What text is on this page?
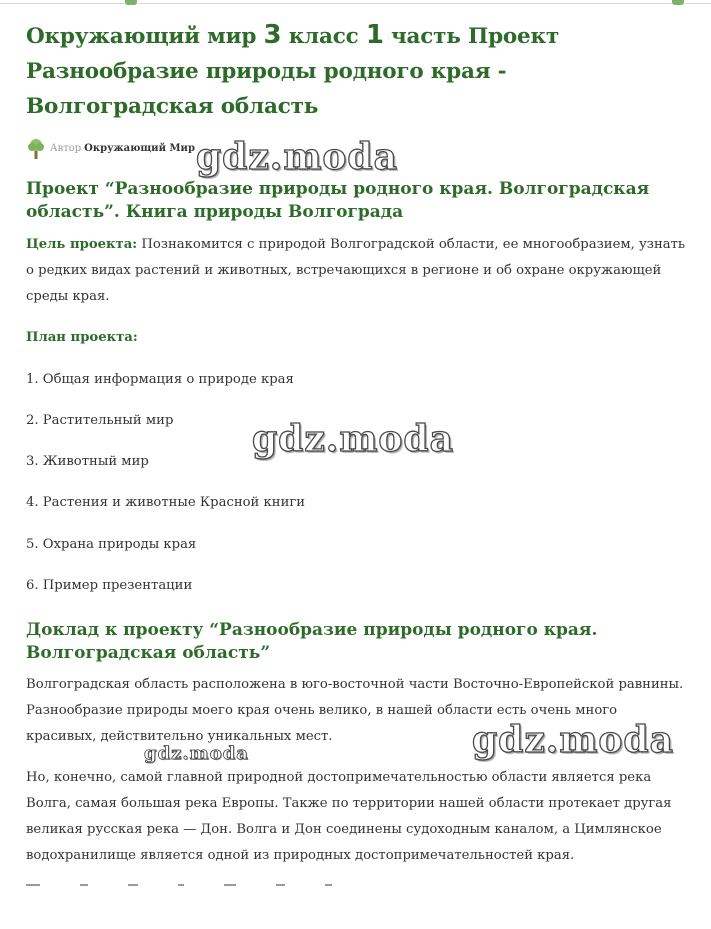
Окружающий мир 3 класс 1 часть Проект Разнообразие природы родного края - Волгоградская область
Автор Окружающий Мир
Проект “Разнообразие природы родного края. Волгоградская область”. Книга природы Волгограда

Цель проекта: Познакомится с природой Волгоградской области, ее многообразием, узнать о редких видах растений и животных, встречающихся в регионе и об охране окружающей среды края.

План проекта:

1. Общая информация о природе края
2. Растительный мир
3. Животный мир
4. Растения и животные Красной книги
5. Охрана природы края
6. Пример презентации
Доклад к проекту “Разнообразие природы родного края. Волгоградская область”

Волгоградская область расположена в юго-восточной части Восточно-Европейской равнины. Разнообразие природы моего края очень велико, в нашей области есть очень много красивых, действительно уникальных мест.

Но, конечно, самой главной природной достопримечательностью области является река Волга, самая большая река Европы. Также по территории нашей области протекает другая великая русская река — Дон. Волга и Дон соединены судоходным каналом, а Цимлянское водохранилище является одной из природных достопримечательностей края.

gdz.moda
gdz.moda
gdz.moda
gdz.moda
